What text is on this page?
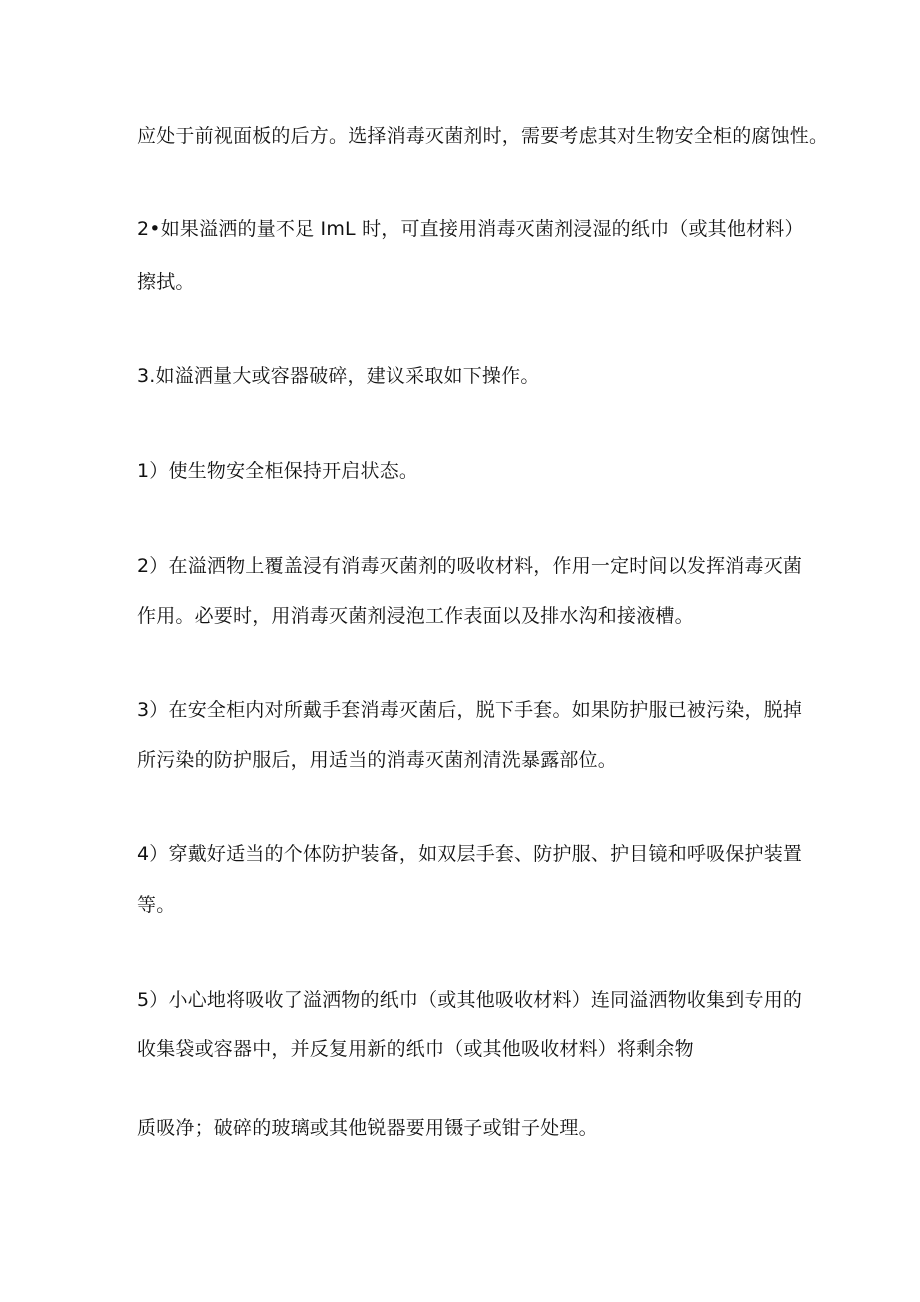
应处于前视面板的后方。选择消毒灭菌剂时，需要考虑其对生物安全柜的腐蚀性。
2•如果溢洒的量不足 ImL 时，可直接用消毒灭菌剂浸湿的纸巾（或其他材料）
擦拭。
3.如溢洒量大或容器破碎，建议采取如下操作。
1）使生物安全柜保持开启状态。
2）在溢洒物上覆盖浸有消毒灭菌剂的吸收材料，作用一定时间以发挥消毒灭菌
作用。必要时，用消毒灭菌剂浸泡工作表面以及排水沟和接液槽。
3）在安全柜内对所戴手套消毒灭菌后，脱下手套。如果防护服已被污染，脱掉
所污染的防护服后，用适当的消毒灭菌剂清洗暴露部位。
4）穿戴好适当的个体防护装备，如双层手套、防护服、护目镜和呼吸保护装置
等。
5）小心地将吸收了溢洒物的纸巾（或其他吸收材料）连同溢洒物收集到专用的
收集袋或容器中，并反复用新的纸巾（或其他吸收材料）将剩余物
质吸净；破碎的玻璃或其他锐器要用镊子或钳子处理。
